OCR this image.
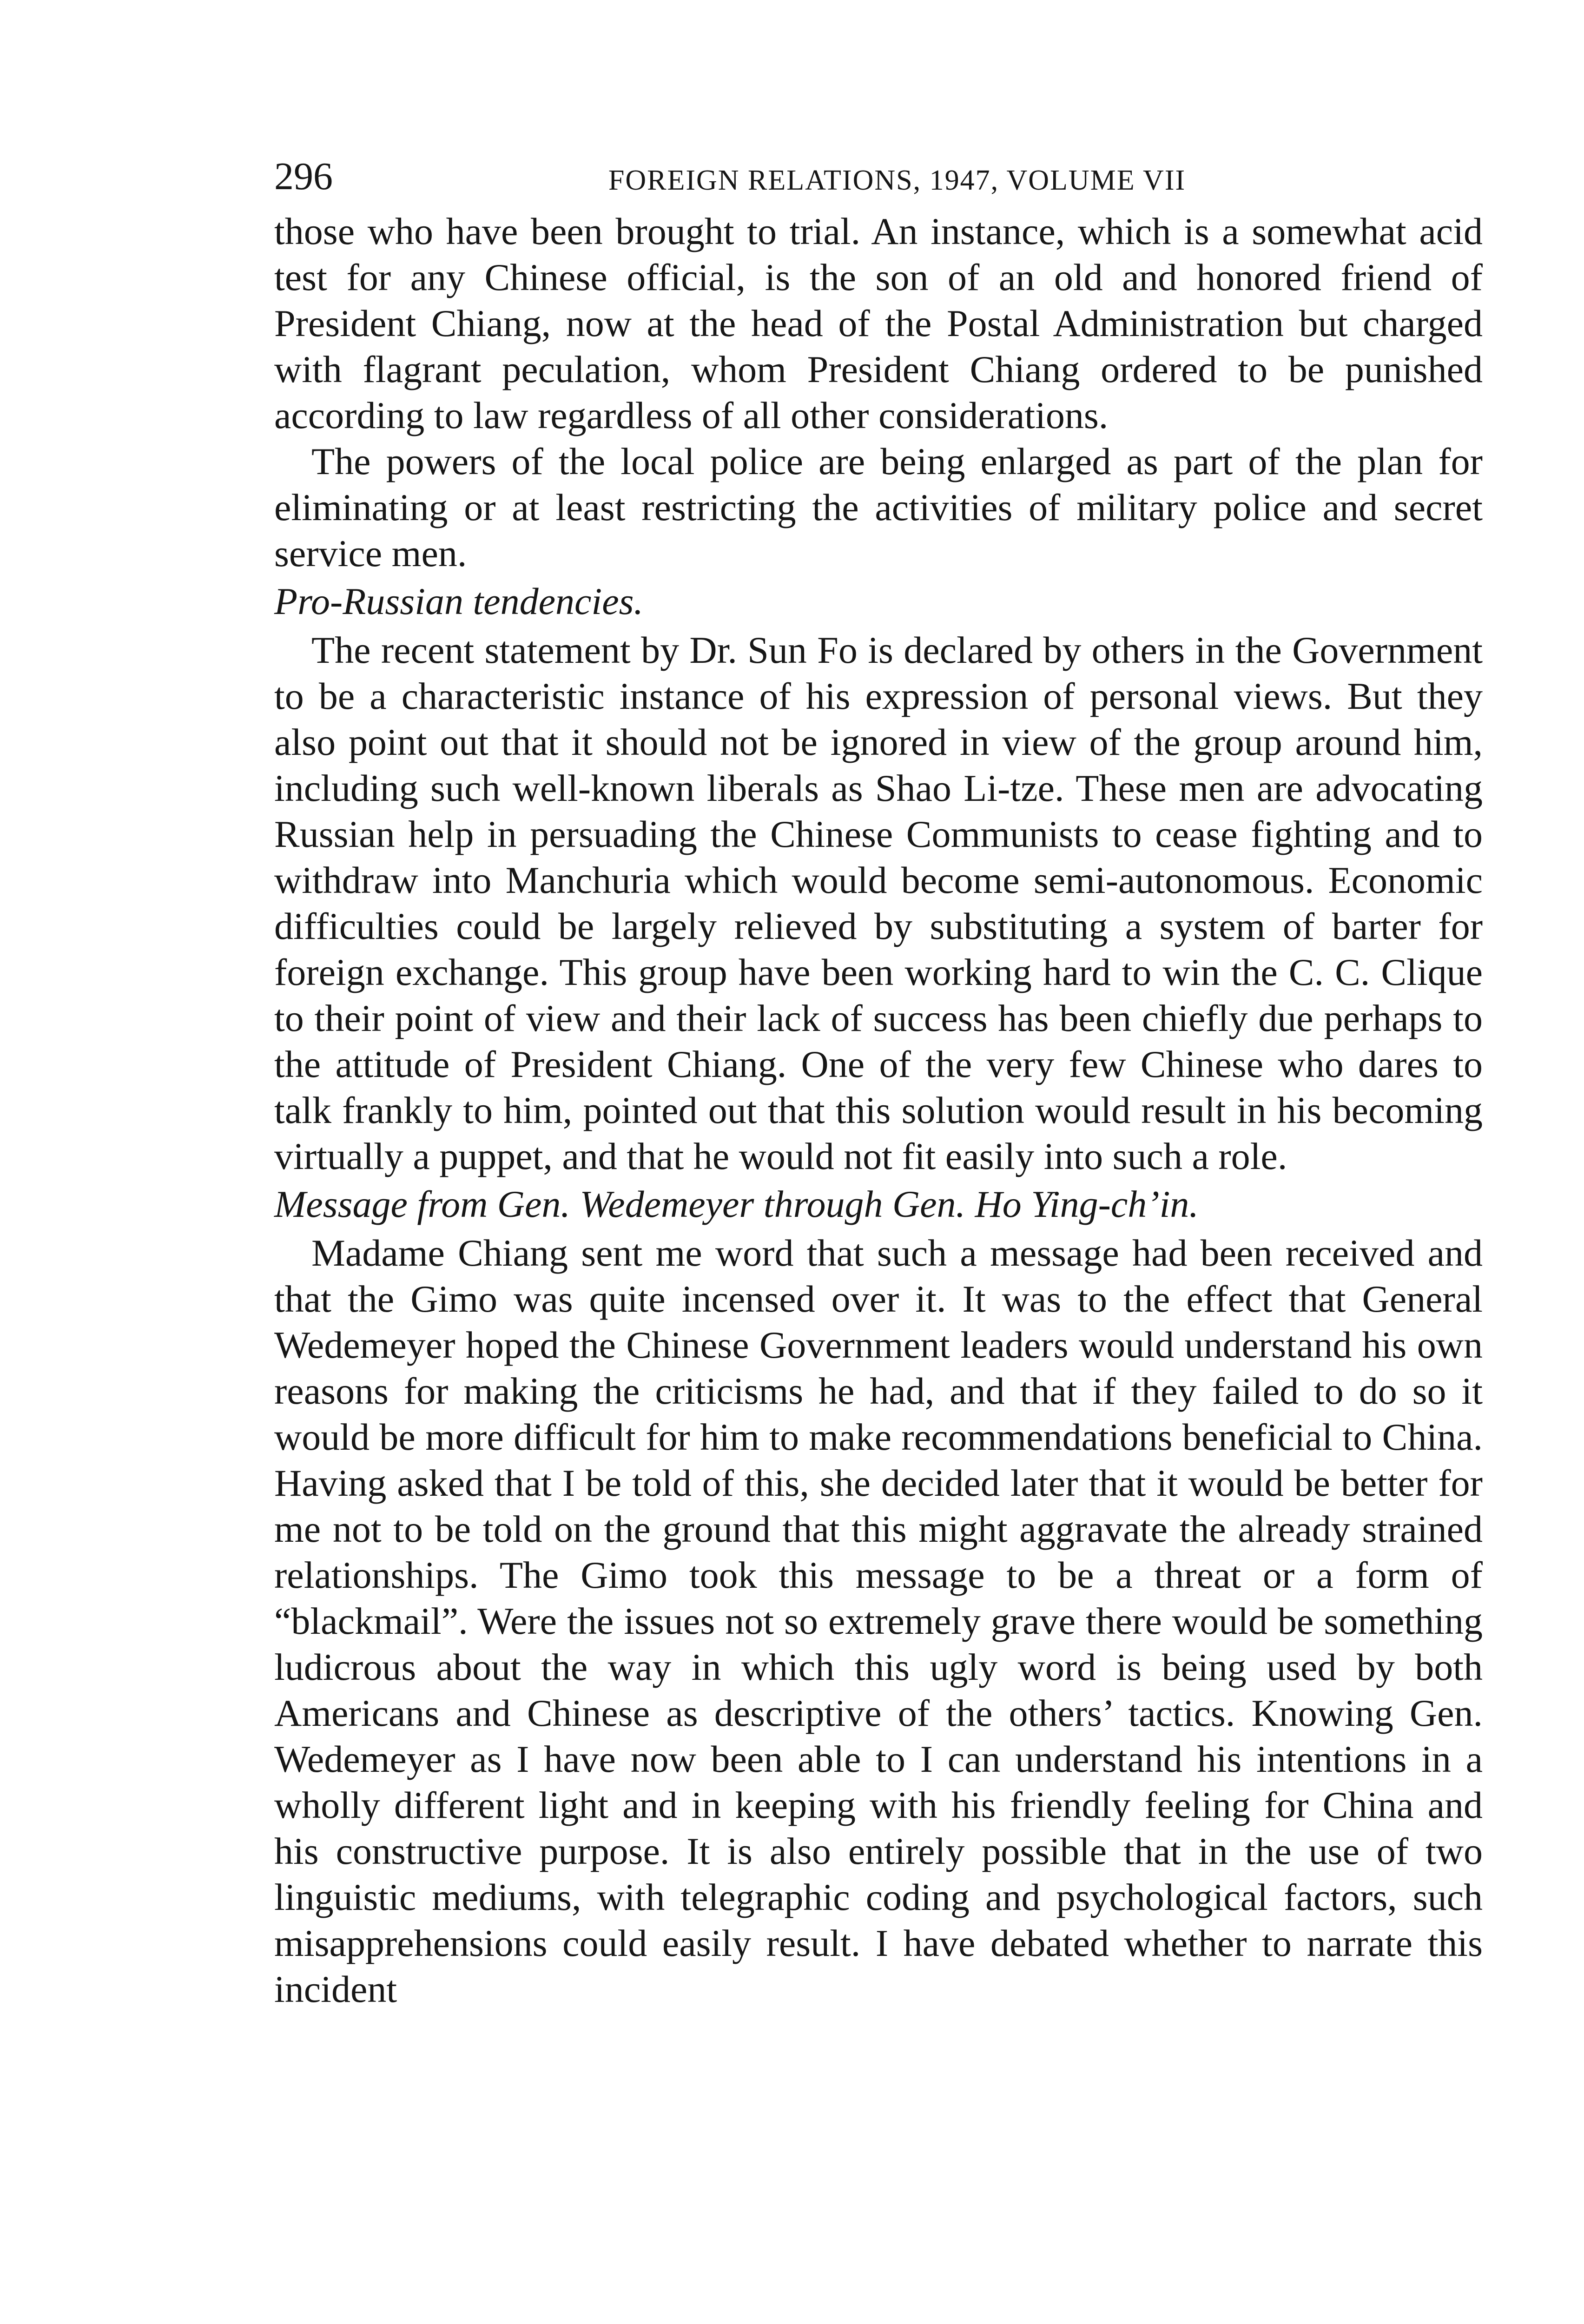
296	FOREIGN RELATIONS, 1947, VOLUME VII

those who have been brought to trial. An instance, which is a somewhat acid test for any Chinese official, is the son of an old and honored friend of President Chiang, now at the head of the Postal Administration but charged with flagrant peculation, whom President Chiang ordered to be punished according to law regardless of all other considerations.

The powers of the local police are being enlarged as part of the plan for eliminating or at least restricting the activities of military police and secret service men.

Pro-Russian tendencies.

The recent statement by Dr. Sun Fo is declared by others in the Government to be a characteristic instance of his expression of personal views. But they also point out that it should not be ignored in view of the group around him, including such well-known liberals as Shao Li-tze. These men are advocating Russian help in persuading the Chinese Communists to cease fighting and to withdraw into Manchuria which would become semi-autonomous. Economic difficulties could be largely relieved by substituting a system of barter for foreign exchange. This group have been working hard to win the C. C. Clique to their point of view and their lack of success has been chiefly due perhaps to the attitude of President Chiang. One of the very few Chinese who dares to talk frankly to him, pointed out that this solution would result in his becoming virtually a puppet, and that he would not fit easily into such a role.

Message from Gen. Wedemeyer through Gen. Ho Ying-ch’in.

Madame Chiang sent me word that such a message had been received and that the Gimo was quite incensed over it. It was to the effect that General Wedemeyer hoped the Chinese Government leaders would understand his own reasons for making the criticisms he had, and that if they failed to do so it would be more difficult for him to make recommendations beneficial to China. Having asked that I be told of this, she decided later that it would be better for me not to be told on the ground that this might aggravate the already strained relationships. The Gimo took this message to be a threat or a form of “blackmail”. Were the issues not so extremely grave there would be something ludicrous about the way in which this ugly word is being used by both Americans and Chinese as descriptive of the others’ tactics. Knowing Gen. Wedemeyer as I have now been able to I can understand his intentions in a wholly different light and in keeping with his friendly feeling for China and his constructive purpose. It is also entirely possible that in the use of two linguistic mediums, with telegraphic coding and psychological factors, such misapprehensions could easily result. I have debated whether to narrate this incident
